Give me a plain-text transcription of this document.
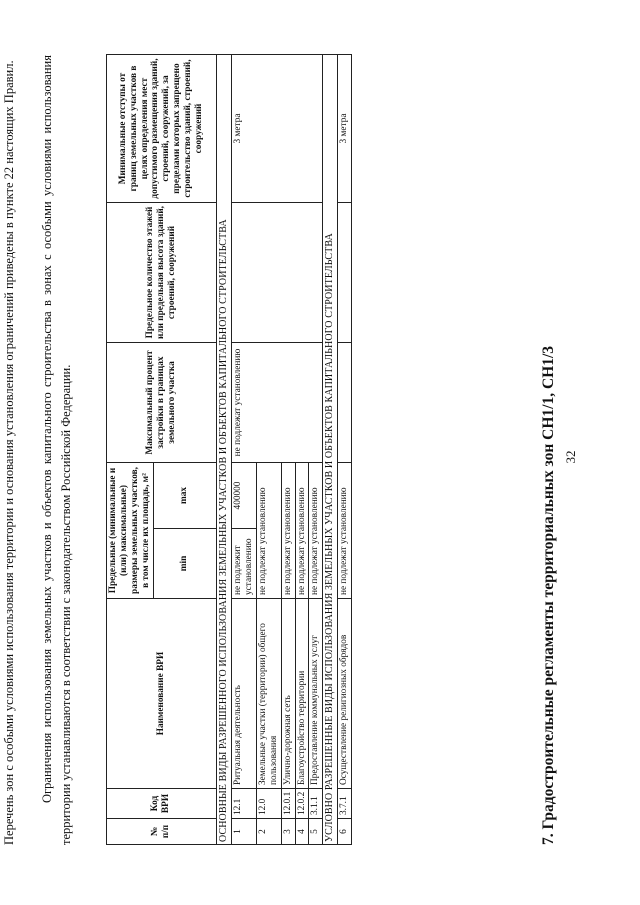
32
7. Градостроительные регламенты территориальных зон СН1/1, СН1/3
№ п/п	Код ВРИ	Наименование ВРИ	Предельные (минимальные и (или) максимальные) размеры земельных участков, в том числе их площадь, м²		Максимальный процент застройки в границах земельного участка	Предельное количество этажей или предельная высота зданий, строений, сооружений	Минимальные отступы от границ земельных участков в целях определения мест допустимого размещения зданий, строений, сооружений, за пределами которых запрещено строительство зданий, строений, сооружений
			min	max			
ОСНОВНЫЕ ВИДЫ РАЗРЕШЕННОГО ИСПОЛЬЗОВАНИЯ ЗЕМЕЛЬНЫХ УЧАСТКОВ И ОБЪЕКТОВ КАПИТАЛЬНОГО СТРОИТЕЛЬСТВА							
1	12.1	Ритуальная деятельность	не подлежит установлению	400000	не подлежат установлению		3 метра
2	12.0	Земельные участки (территории) общего пользования	не подлежат установлению				
3	12.0.1	Улично-дорожная сеть	не подлежат установлению				
4	12.0.2	Благоустройство территории	не подлежат установлению				
5	3.1.1	Предоставление коммунальных услуг	не подлежат установлению				
УСЛОВНО РАЗРЕШЕННЫЕ ВИДЫ ИСПОЛЬЗОВАНИЯ ЗЕМЕЛЬНЫХ УЧАСТКОВ И ОБЪЕКТОВ КАПИТАЛЬНОГО СТРОИТЕЛЬСТВА							
6	3.7.1	Осуществление религиозных обрядов	не подлежат установлению				3 метра
Ограничения использования земельных участков и объектов капитального строительства в зонах с особыми условиями использования территории устанавливаются в соответствии с законодательством Российской Федерации.
Перечень зон с особыми условиями использования территории и основания установления ограничений приведены в пункте 22 настоящих Правил.
